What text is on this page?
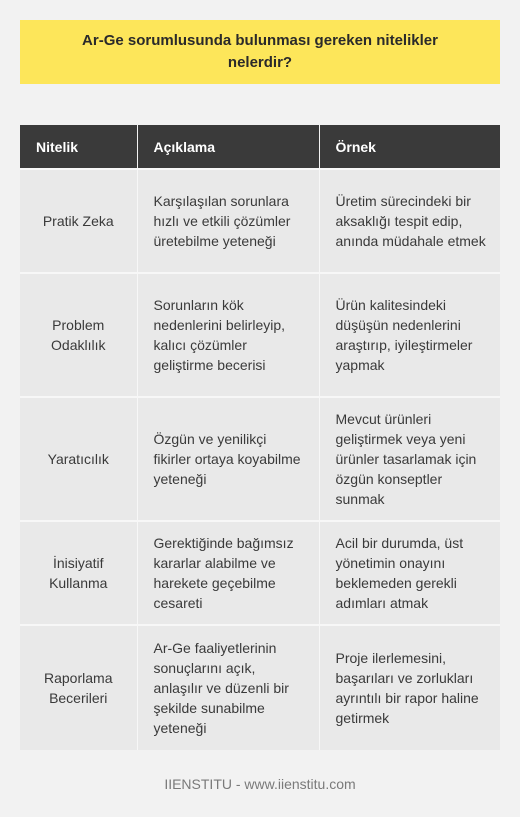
Ar-Ge sorumlusunda bulunması gereken nitelikler nelerdir?
Nitelik	Açıklama	Örnek
Pratik Zeka	Karşılaşılan sorunlara hızlı ve etkili çözümler üretebilme yeteneği	Üretim sürecindeki bir aksaklığı tespit edip, anında müdahale etmek
Problem Odaklılık	Sorunların kök nedenlerini belirleyip, kalıcı çözümler geliştirme becerisi	Ürün kalitesindeki düşüşün nedenlerini araştırıp, iyileştirmeler yapmak
Yaratıcılık	Özgün ve yenilikçi fikirler ortaya koyabilme yeteneği	Mevcut ürünleri geliştirmek veya yeni ürünler tasarlamak için özgün konseptler sunmak
İnisiyatif Kullanma	Gerektiğinde bağımsız kararlar alabilme ve harekete geçebilme cesareti	Acil bir durumda, üst yönetimin onayını beklemeden gerekli adımları atmak
Raporlama Becerileri	Ar-Ge faaliyetlerinin sonuçlarını açık, anlaşılır ve düzenli bir şekilde sunabilme yeteneği	Proje ilerlemesini, başarıları ve zorlukları ayrıntılı bir rapor haline getirmek
IIENSTITU - www.iienstitu.com
